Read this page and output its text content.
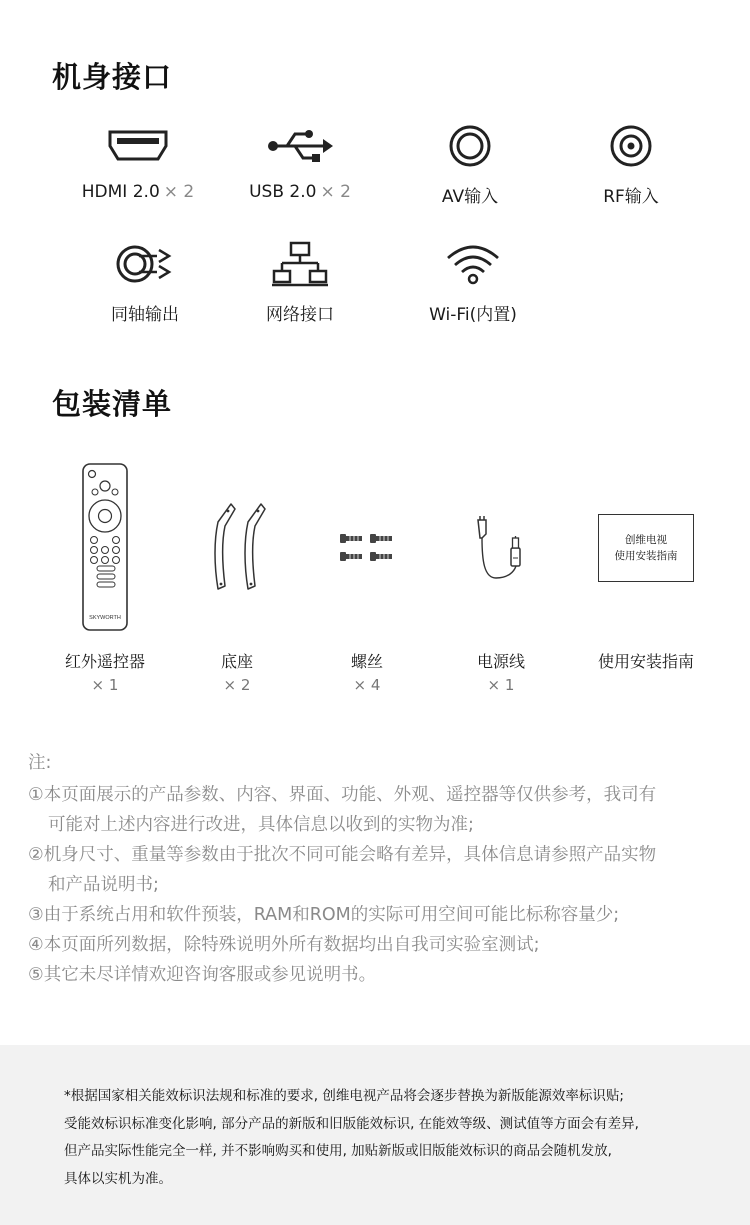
机身接口
HDMI 2.0 × 2	USB 2.0 × 2	AV输入	RF输入
同轴输出	网络接口	Wi-Fi(内置)
包装清单
SKYWORTH
红外遥控器
× 1
底座
× 2
螺丝
× 4
电源线
× 1
创维电视
使用安装指南
使用安装指南
注:
①本页面展示的产品参数、内容、界面、功能、外观、遥控器等仅供参考，我司有
可能对上述内容进行改进，具体信息以收到的实物为准;
②机身尺寸、重量等参数由于批次不同可能会略有差异，具体信息请参照产品实物
和产品说明书;
③由于系统占用和软件预装，RAM和ROM的实际可用空间可能比标称容量少;
④本页面所列数据，除特殊说明外所有数据均出自我司实验室测试;
⑤其它未尽详情欢迎咨询客服或参见说明书。
*根据国家相关能效标识法规和标准的要求, 创维电视产品将会逐步替换为新版能源效率标识贴;
受能效标识标准变化影响, 部分产品的新版和旧版能效标识, 在能效等级、测试值等方面会有差异,
但产品实际性能完全一样, 并不影响购买和使用, 加贴新版或旧版能效标识的商品会随机发放,
具体以实机为准。
